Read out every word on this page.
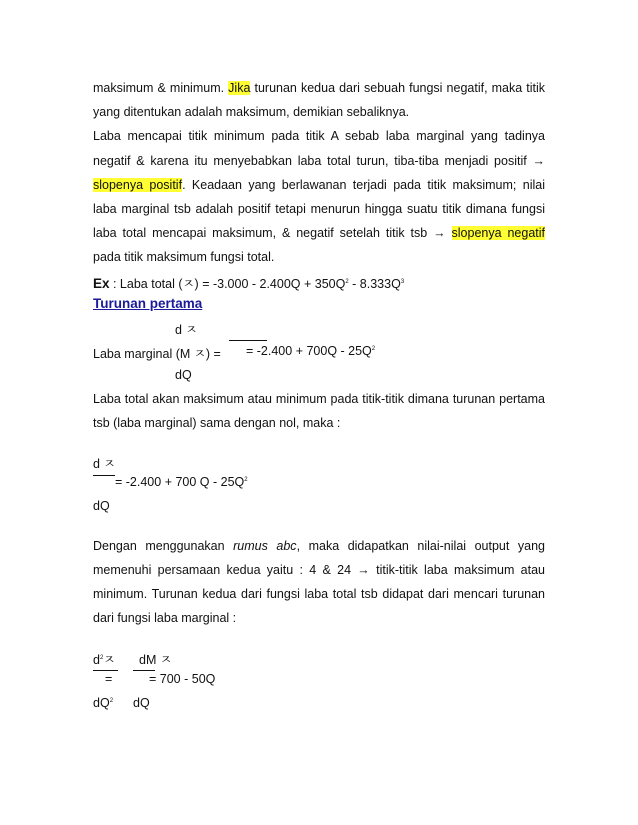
maksimum & minimum. Jika turunan kedua dari sebuah fungsi negatif, maka titik
yang ditentukan adalah maksimum, demikian sebaliknya.
Laba mencapai titik minimum pada titik A sebab laba marginal yang tadinya
negatif & karena itu menyebabkan laba total turun, tiba-tiba menjadi positif →
slopenya positif. Keadaan yang berlawanan terjadi pada titik maksimum; nilai
laba marginal tsb adalah positif tetapi menurun hingga suatu titik dimana fungsi
laba total mencapai maksimum, & negatif setelah titik tsb → slopenya negatif
pada titik maksimum fungsi total.
Ex : Laba total (ㅈ) = $-3.000 - 2.400Q + 350Q^2 - 8.333Q^3$
Turunan pertama
d ㅈ
Laba marginal (M ㅈ) = = $-2.400 + 700Q - 25Q^2$
dQ
Laba total akan maksimum atau minimum pada titik-titik dimana turunan pertama
tsb (laba marginal) sama dengan nol, maka :
d ㅈ
= -2.400 + 700 Q - $25Q^2$
dQ
Dengan menggunakan rumus abc, maka didapatkan nilai-nilai output yang
memenuhi persamaan kedua yaitu : 4 & 24 → titik-titik laba maksimum atau
minimum. Turunan kedua dari fungsi laba total tsb didapat dari mencari turunan
dari fungsi laba marginal :
$d^2$ㅈ dM ㅈ
=	= 700 - 50Q
$dQ^2$ dQ
